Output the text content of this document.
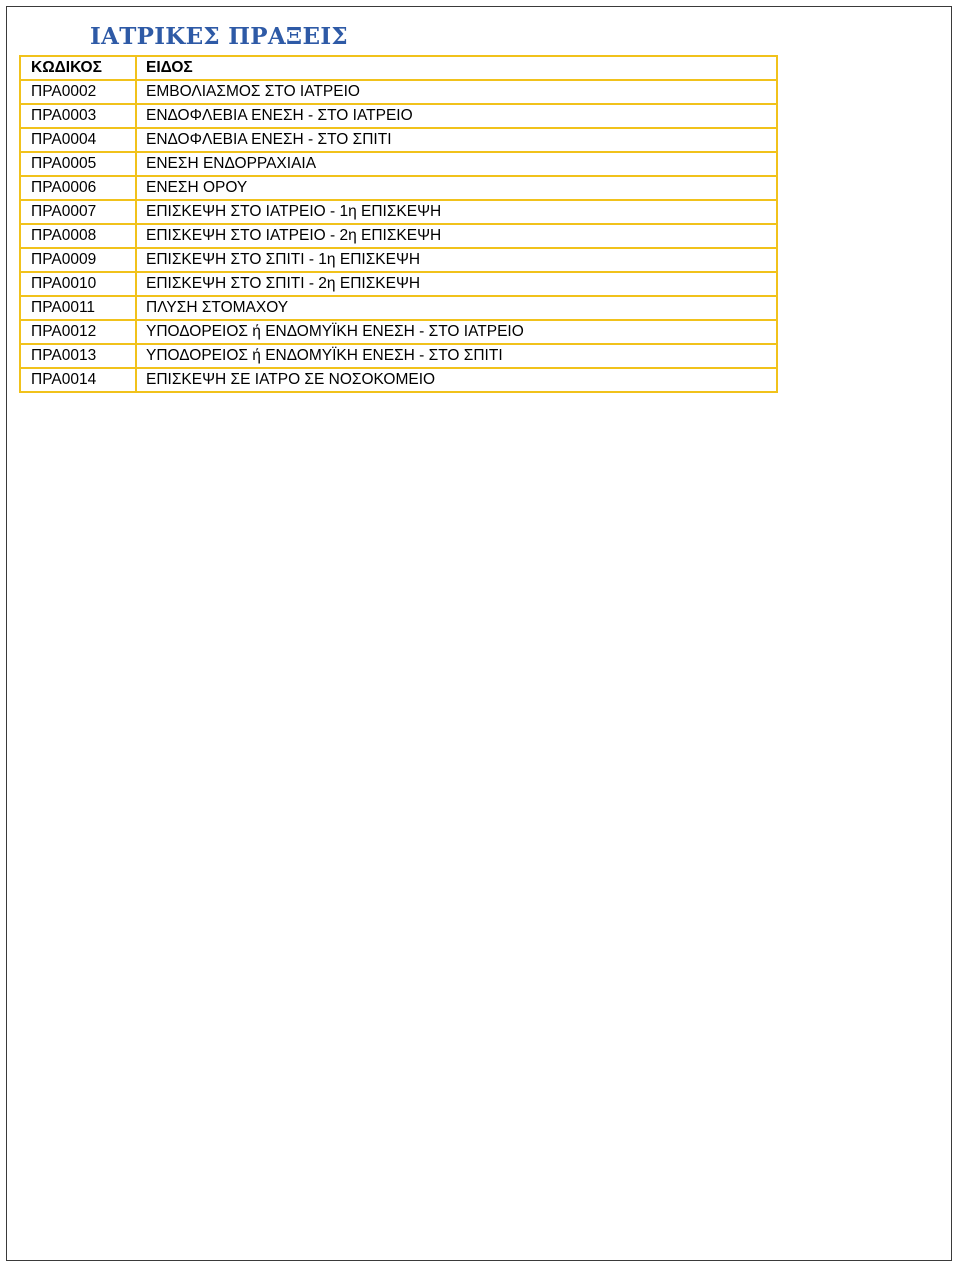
ΙΑΤΡΙΚΕΣ ΠΡΑΞΕΙΣ
ΚΩΔΙΚΟΣ	ΕΙΔΟΣ
ΠΡΑ0002	ΕΜΒΟΛΙΑΣΜΟΣ ΣΤΟ ΙΑΤΡΕΙΟ
ΠΡΑ0003	ΕΝΔΟΦΛΕΒΙΑ ΕΝΕΣΗ - ΣΤΟ ΙΑΤΡΕΙΟ
ΠΡΑ0004	ΕΝΔΟΦΛΕΒΙΑ ΕΝΕΣΗ - ΣΤΟ ΣΠΙΤΙ
ΠΡΑ0005	ΕΝΕΣΗ ΕΝΔΟΡΡΑΧΙΑΙΑ
ΠΡΑ0006	ΕΝΕΣΗ ΟΡΟΥ
ΠΡΑ0007	ΕΠΙΣΚΕΨΗ ΣΤΟ ΙΑΤΡΕΙΟ - 1η ΕΠΙΣΚΕΨΗ
ΠΡΑ0008	ΕΠΙΣΚΕΨΗ ΣΤΟ ΙΑΤΡΕΙΟ - 2η ΕΠΙΣΚΕΨΗ
ΠΡΑ0009	ΕΠΙΣΚΕΨΗ ΣΤΟ ΣΠΙΤΙ - 1η ΕΠΙΣΚΕΨΗ
ΠΡΑ0010	ΕΠΙΣΚΕΨΗ ΣΤΟ ΣΠΙΤΙ - 2η ΕΠΙΣΚΕΨΗ
ΠΡΑ0011	ΠΛΥΣΗ ΣΤΟΜΑΧΟΥ
ΠΡΑ0012	ΥΠΟΔΟΡΕΙΟΣ ή ΕΝΔΟΜΥΪΚΗ ΕΝΕΣΗ - ΣΤΟ ΙΑΤΡΕΙΟ
ΠΡΑ0013	ΥΠΟΔΟΡΕΙΟΣ ή ΕΝΔΟΜΥΪΚΗ ΕΝΕΣΗ - ΣΤΟ ΣΠΙΤΙ
ΠΡΑ0014	ΕΠΙΣΚΕΨΗ ΣΕ ΙΑΤΡΟ ΣΕ ΝΟΣΟΚΟΜΕΙΟ
